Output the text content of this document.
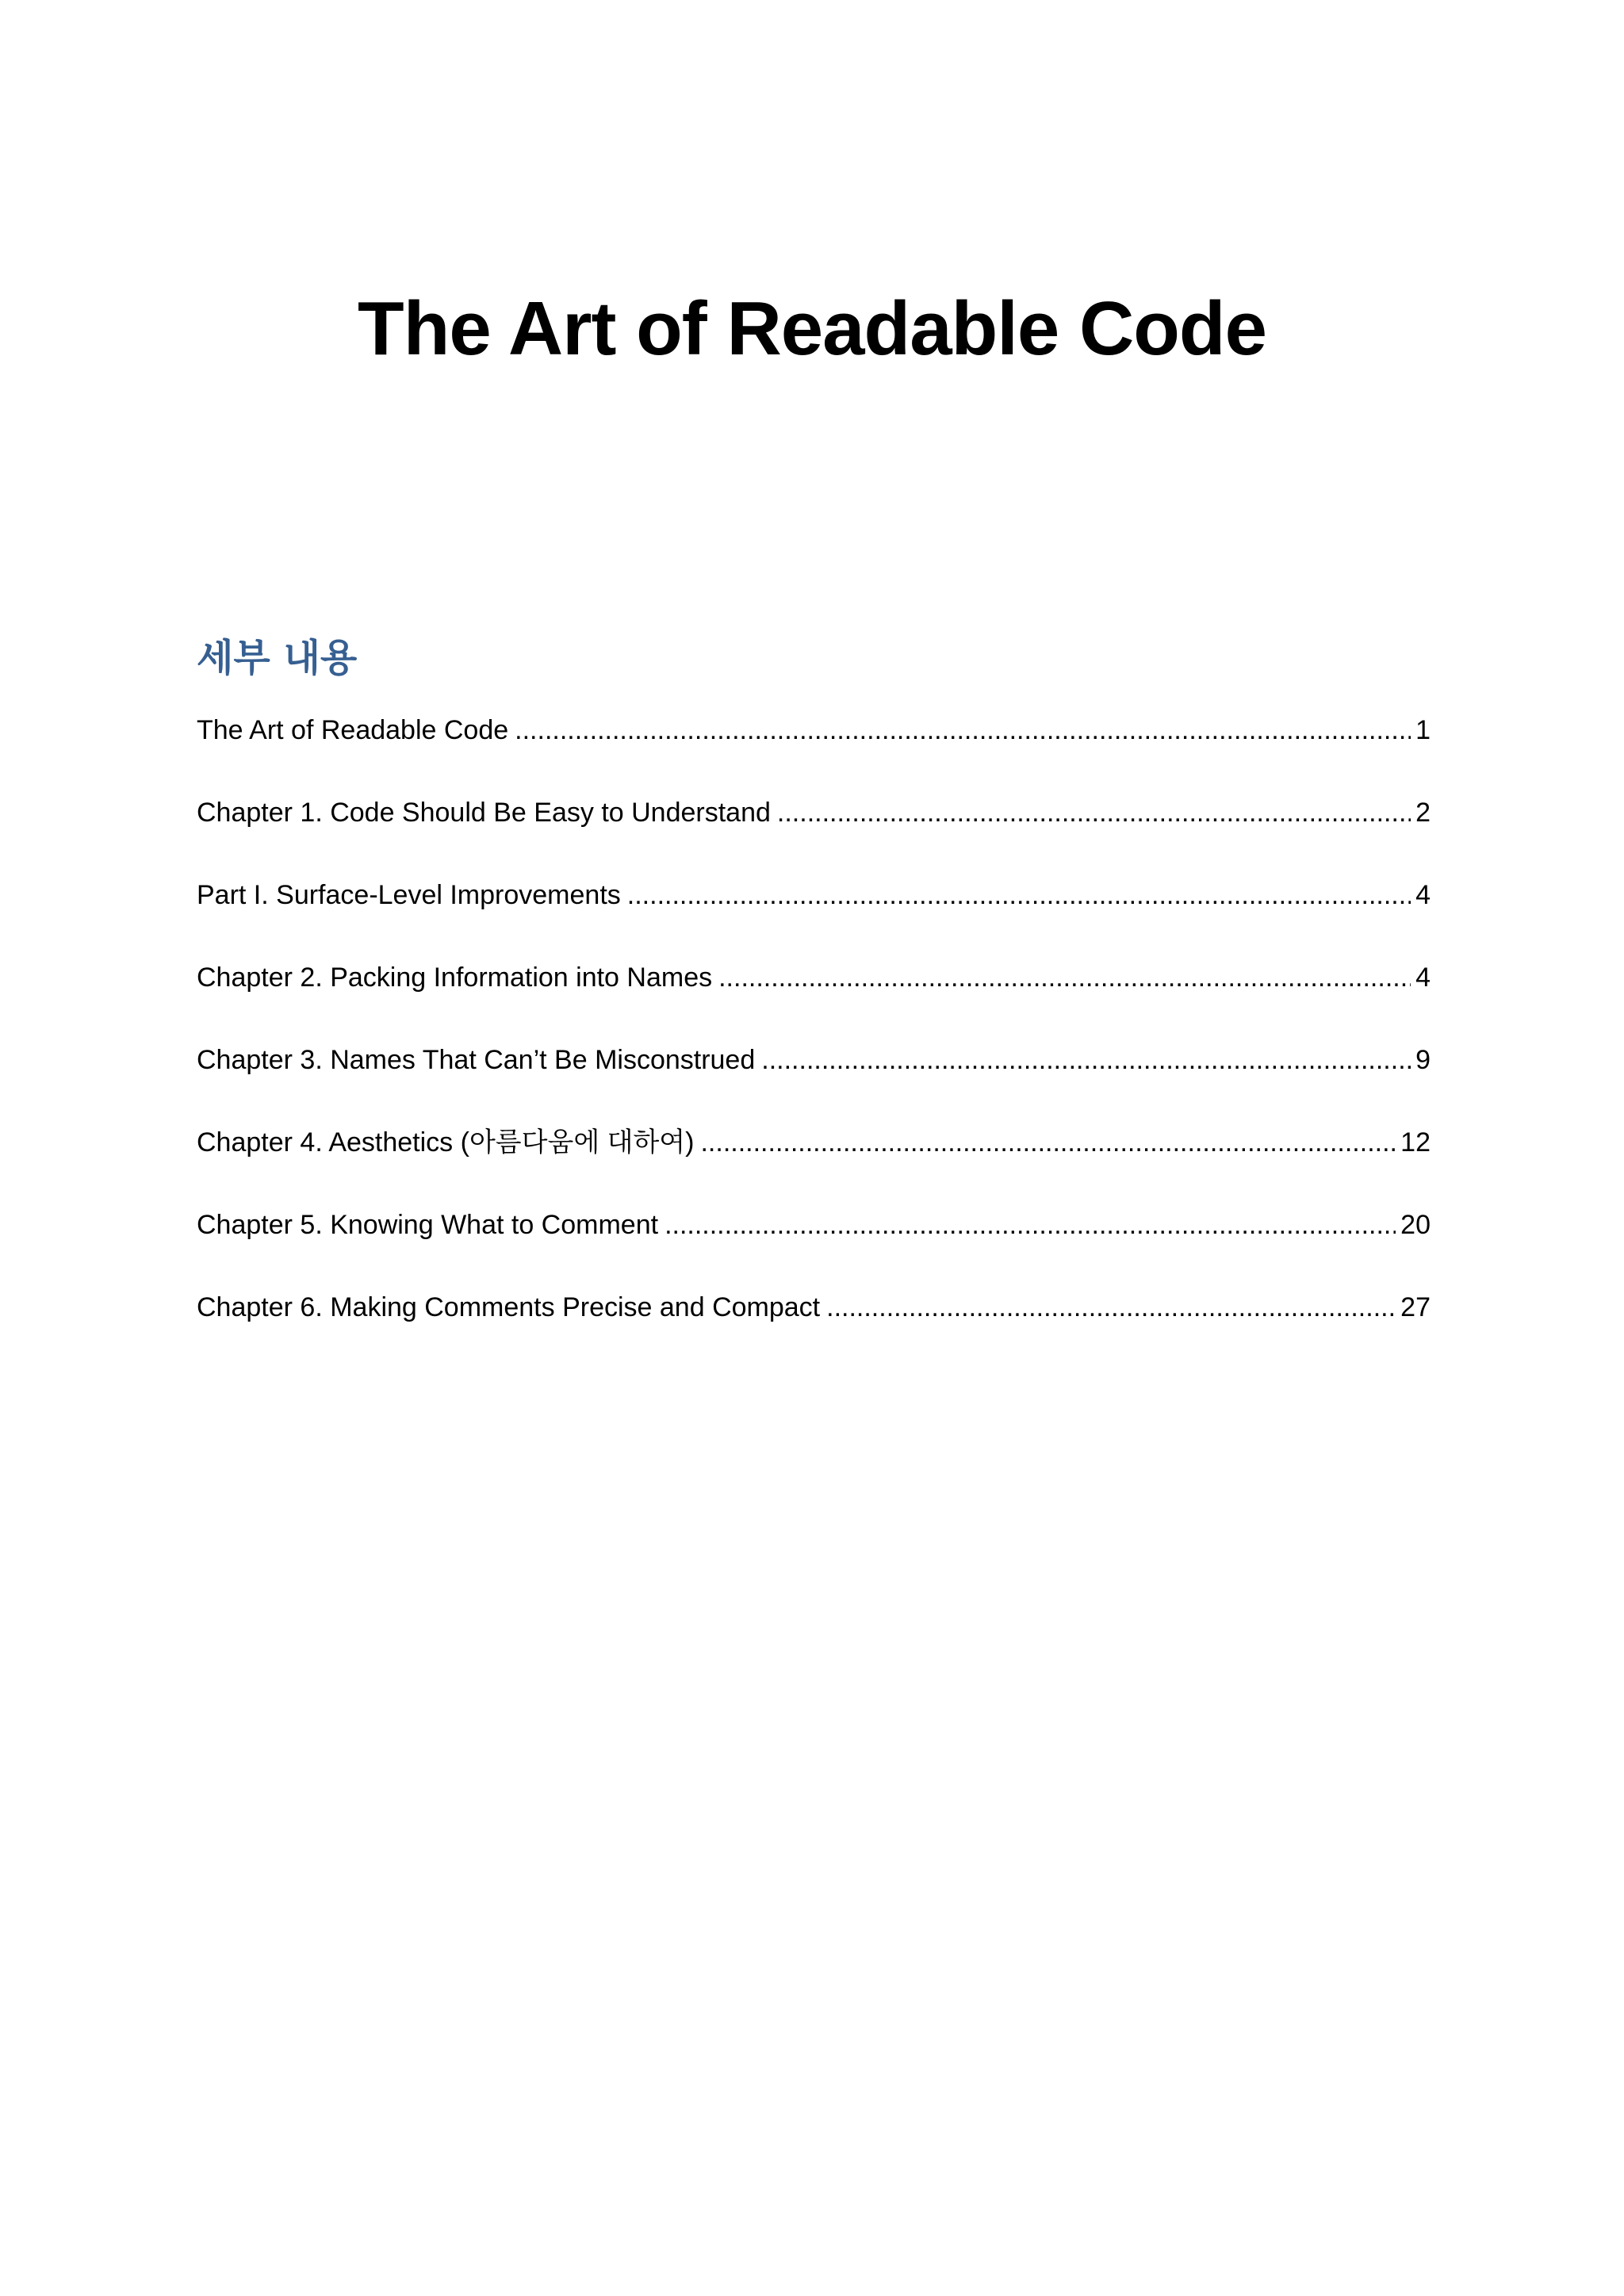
The Art of Readable Code
세부 내용
The Art of Readable Code .....	1
Chapter 1. Code Should Be Easy to Understand .....	2
Part I. Surface-Level Improvements .....	4
Chapter 2. Packing Information into Names .....	4
Chapter 3. Names That Can’t Be Misconstrued .....	9
Chapter 4. Aesthetics (아름다움에 대하여) .....	12
Chapter 5. Knowing What to Comment .....	20
Chapter 6. Making Comments Precise and Compact .....	27
